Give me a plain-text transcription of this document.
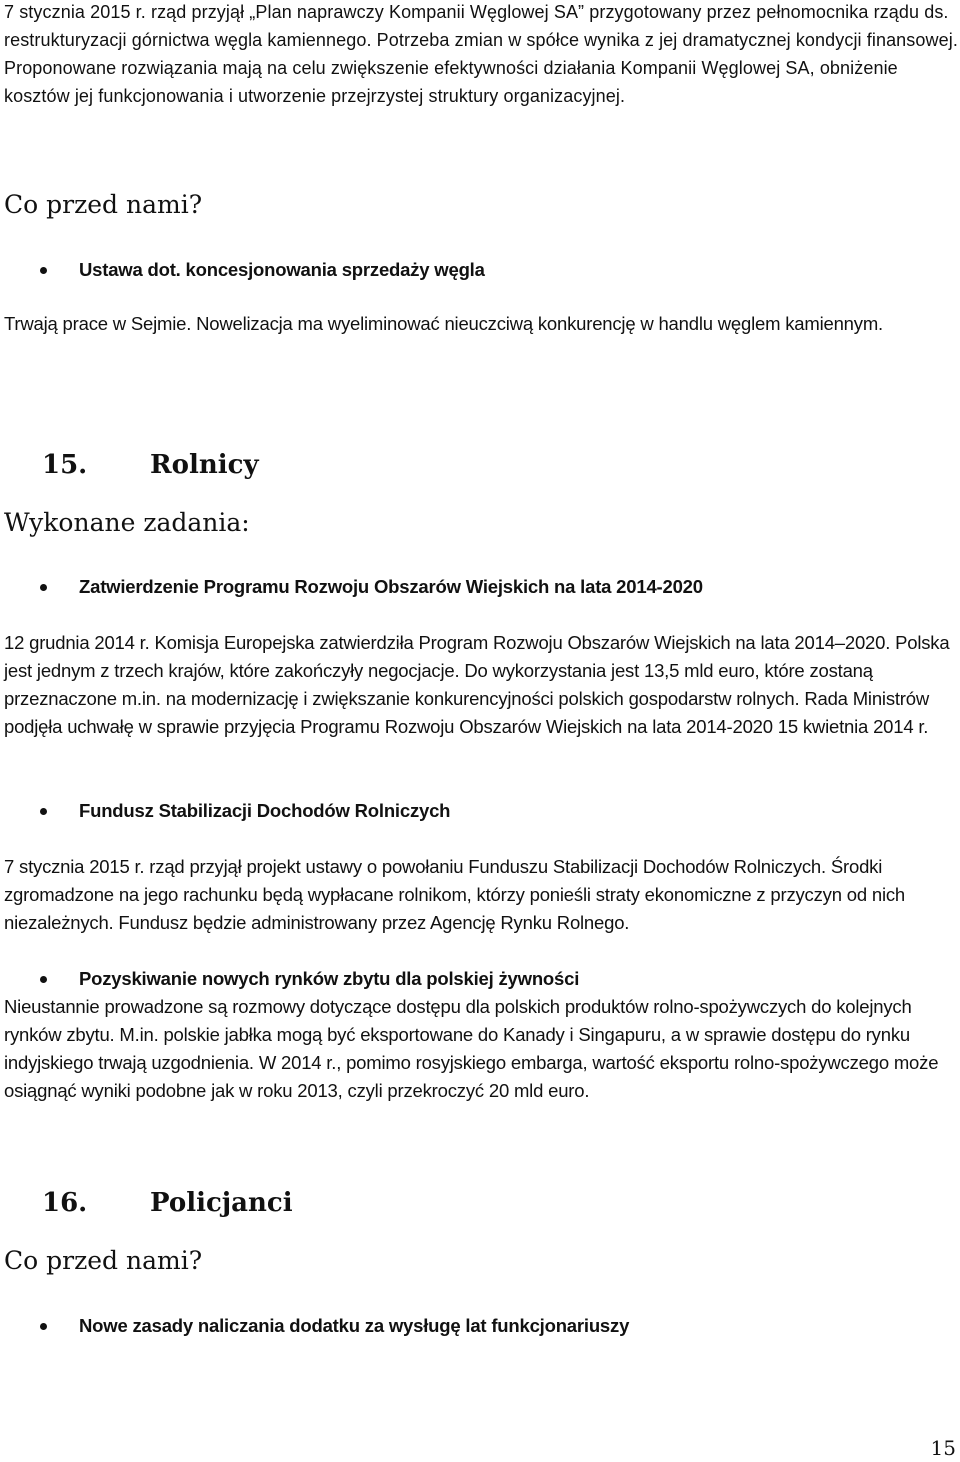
7 stycznia 2015 r. rząd przyjął „Plan naprawczy Kompanii Węglowej SA” przygotowany przez pełnomocnika rządu ds. restrukturyzacji górnictwa węgla kamiennego. Potrzeba zmian w spółce wynika z jej dramatycznej kondycji finansowej. Proponowane rozwiązania mają na celu zwiększenie efektywności działania Kompanii Węglowej SA, obniżenie kosztów jej funkcjonowania i utworzenie przejrzystej struktury organizacyjnej.

Co przed nami?
Ustawa dot. koncesjonowania sprzedaży węgla

Trwają prace w Sejmie. Nowelizacja ma wyeliminować nieuczciwą konkurencję w handlu węglem kamiennym.

15. Rolnicy
Wykonane zadania:
Zatwierdzenie Programu Rozwoju Obszarów Wiejskich na lata 2014-2020

12 grudnia 2014 r. Komisja Europejska zatwierdziła Program Rozwoju Obszarów Wiejskich na lata 2014–2020. Polska jest jednym z trzech krajów, które zakończyły negocjacje. Do wykorzystania jest 13,5 mld euro, które zostaną przeznaczone m.in. na modernizację i zwiększanie konkurencyjności polskich gospodarstw rolnych. Rada Ministrów podjęła uchwałę w sprawie przyjęcia Programu Rozwoju Obszarów Wiejskich na lata 2014-2020 15 kwietnia 2014 r.

Fundusz Stabilizacji Dochodów Rolniczych

7 stycznia 2015 r. rząd przyjął projekt ustawy o powołaniu Funduszu Stabilizacji Dochodów Rolniczych. Środki zgromadzone na jego rachunku będą wypłacane rolnikom, którzy ponieśli straty ekonomiczne z przyczyn od nich niezależnych. Fundusz będzie administrowany przez Agencję Rynku Rolnego.

Pozyskiwanie nowych rynków zbytu dla polskiej żywności

Nieustannie prowadzone są rozmowy dotyczące dostępu dla polskich produktów rolno-spożywczych do kolejnych rynków zbytu. M.in. polskie jabłka mogą być eksportowane do Kanady i Singapuru, a w sprawie dostępu do rynku indyjskiego trwają uzgodnienia. W 2014 r., pomimo rosyjskiego embarga, wartość eksportu rolno-spożywczego może osiągnąć wyniki podobne jak w roku 2013, czyli przekroczyć 20 mld euro.

16. Policjanci
Co przed nami?
Nowe zasady naliczania dodatku za wysługę lat funkcjonariuszy
15
